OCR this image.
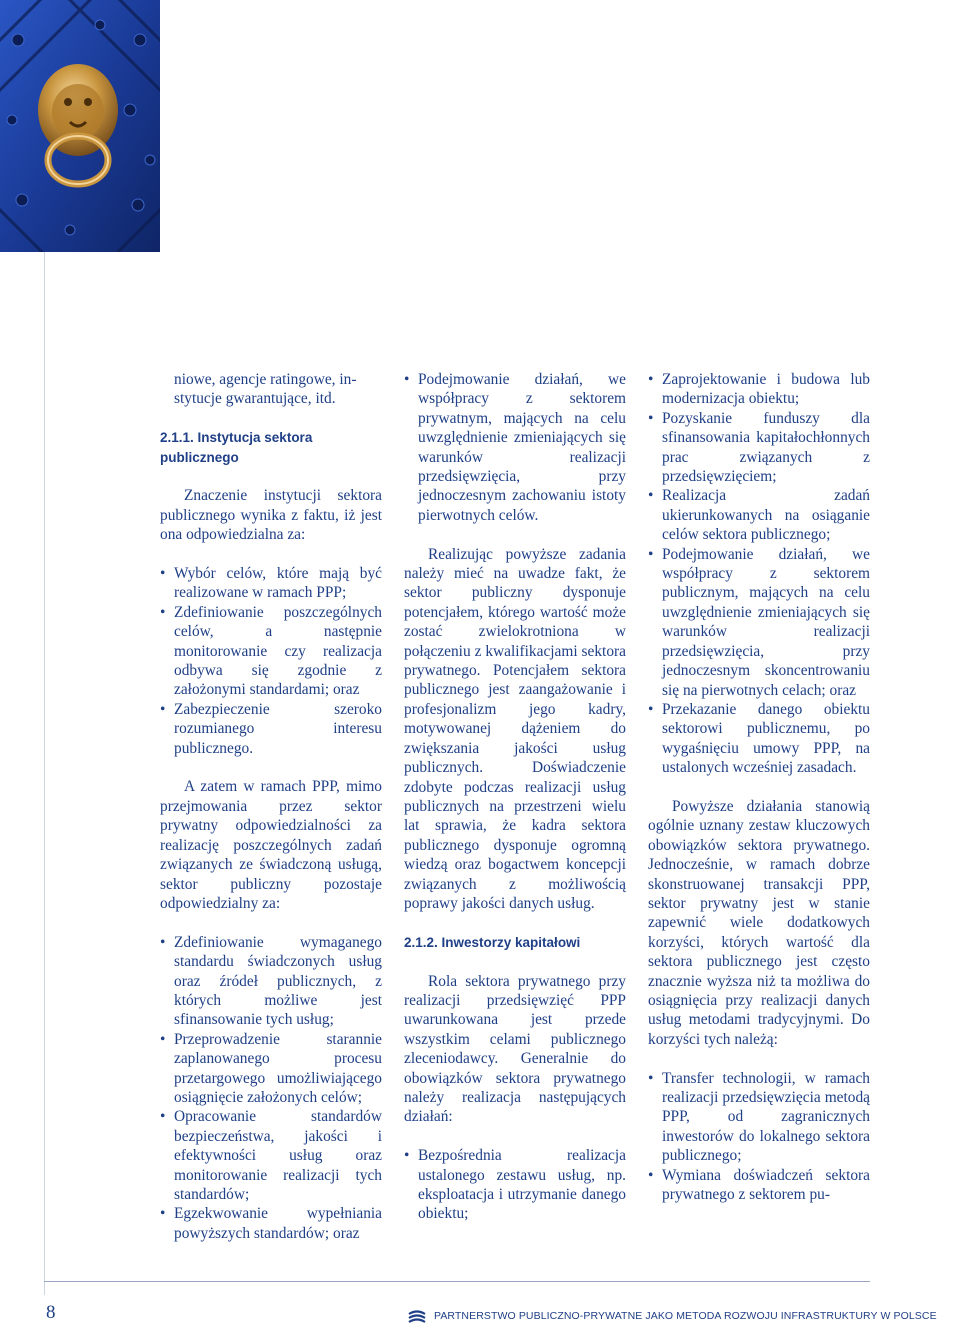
niowe, agencje ratingowe, in-

stytucje gwarantujące, itd.

2.1.1. Instytucja sektora

publicznego

Znaczenie instytucji sektora publicznego wynika z faktu, iż jest ona odpowiedzialna za:

• Wybór celów, które mają być realizowane w ramach PPP;
• Zdefiniowanie poszczególnych celów, a następnie monitorowanie czy realizacja odbywa się zgodnie z założonymi standardami; oraz
• Zabezpieczenie szeroko rozumianego interesu publicznego.

A zatem w ramach PPP, mimo przejmowania przez sektor prywatny odpowiedzialności za realizację poszczególnych zadań związanych ze świadczoną usługą, sektor publiczny pozostaje odpowiedzialny za:

• Zdefiniowanie wymaganego standardu świadczonych usług oraz źródeł publicznych, z których możliwe jest sfinansowanie tych usług;
• Przeprowadzenie starannie zaplanowanego procesu przetargowego umożliwiającego osiągnięcie założonych celów;
• Opracowanie standardów bezpieczeństwa, jakości i efektywności usług oraz monitorowanie realizacji tych standardów;
• Egzekwowanie wypełniania powyższych standardów; oraz
• Podejmowanie działań, we współpracy z sektorem prywatnym, mających na celu uwzględnienie zmieniających się warunków realizacji przedsięwzięcia, przy jednoczesnym zachowaniu istoty pierwotnych celów.

Realizując powyższe zadania należy mieć na uwadze fakt, że sektor publiczny dysponuje potencjałem, którego wartość może zostać zwielokrotniona w połączeniu z kwalifikacjami sektora prywatnego. Potencjałem sektora publicznego jest zaangażowanie i profesjonalizm jego kadry, motywowanej dążeniem do zwiększania jakości usług publicznych. Doświadczenie zdobyte podczas realizacji usług publicznych na przestrzeni wielu lat sprawia, że kadra sektora publicznego dysponuje ogromną wiedzą oraz bogactwem koncepcji związanych z możliwością poprawy jakości danych usług.

2.1.2. Inwestorzy kapitałowi

Rola sektora prywatnego przy realizacji przedsięwzięć PPP uwarunkowana jest przede wszystkim celami publicznego zleceniodawcy. Generalnie do obowiązków sektora prywatnego należy realizacja następujących działań:

• Bezpośrednia realizacja ustalonego zestawu usług, np. eksploatacja i utrzymanie danego obiektu;
• Zaprojektowanie i budowa lub modernizacja obiektu;
• Pozyskanie funduszy dla sfinansowania kapitałochłonnych prac związanych z przedsięwzięciem;
• Realizacja zadań ukierunkowanych na osiąganie celów sektora publicznego;
• Podejmowanie działań, we współpracy z sektorem publicznym, mających na celu uwzględnienie zmieniających się warunków realizacji przedsięwzięcia, przy jednoczesnym skoncentrowaniu się na pierwotnych celach; oraz
• Przekazanie danego obiektu sektorowi publicznemu, po wygaśnięciu umowy PPP, na ustalonych wcześniej zasadach.

Powyższe działania stanowią ogólnie uznany zestaw kluczowych obowiązków sektora prywatnego. Jednocześnie, w ramach dobrze skonstruowanej transakcji PPP, sektor prywatny jest w stanie zapewnić wiele dodatkowych korzyści, których wartość dla sektora publicznego jest często znacznie wyższa niż ta możliwa do osiągnięcia przy realizacji danych usług metodami tradycyjnymi. Do korzyści tych należą:

• Transfer technologii, w ramach realizacji przedsięwzięcia metodą PPP, od zagranicznych inwestorów do lokalnego sektora publicznego;
• Wymiana doświadczeń sektora prywatnego z sektorem pu-
8	PARTNERSTWO PUBLICZNO-PRYWATNE JAKO METODA ROZWOJU INFRASTRUKTURY W POLSCE
